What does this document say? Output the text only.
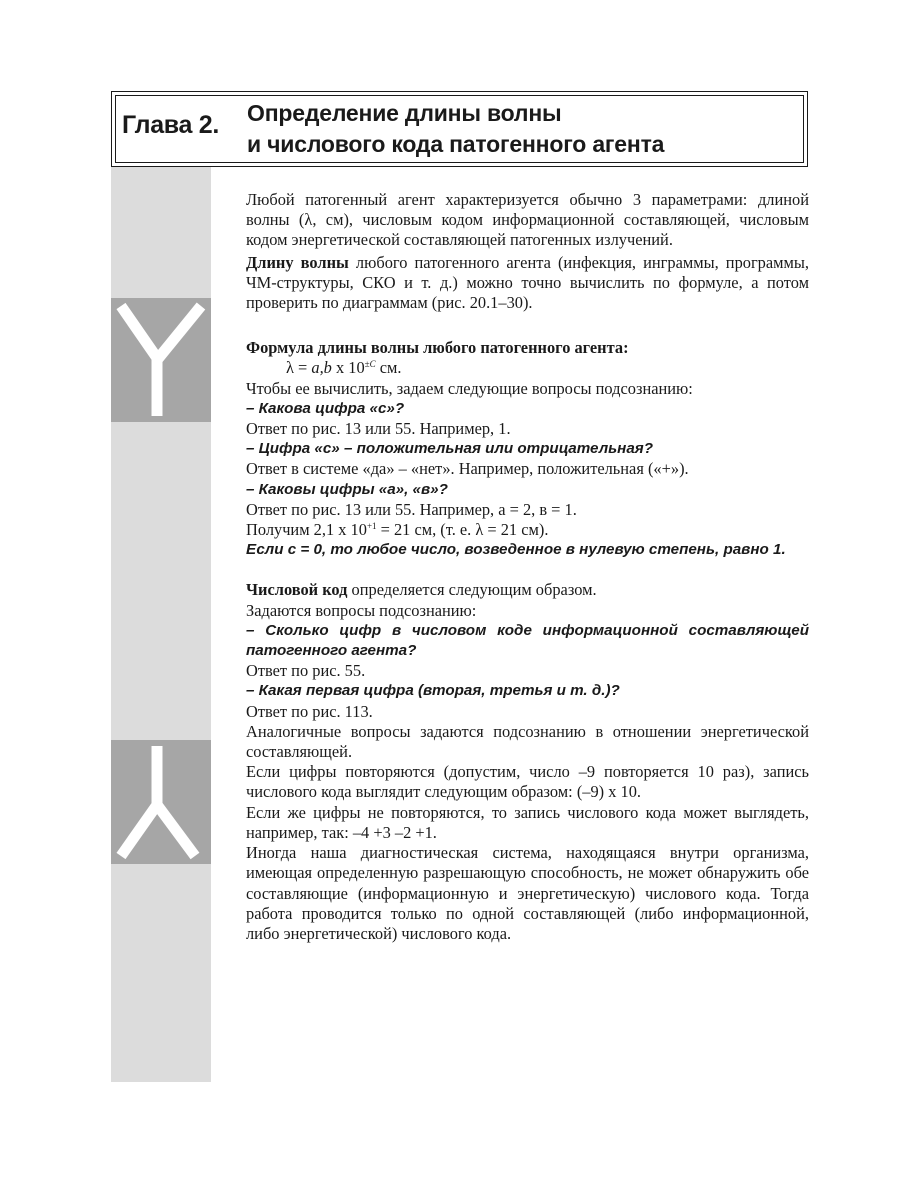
Глава 2. Определение длины волны
и числового кода патогенного агента

Любой патогенный агент характеризуется обычно 3 параметрами: длиной волны (λ, см), числовым кодом информационной составляющей, числовым кодом энергетической составляющей патогенных излучений.

Длину волны любого патогенного агента (инфекция, инграммы, программы, ЧМ-структуры, СКО и т. д.) можно точно вычислить по формуле, а потом проверить по диаграммам (рис. 20.1–30).

Формула длины волны любого патогенного агента:

λ = a,b x $10^{\pm C}$ см.

Чтобы ее вычислить, задаем следующие вопросы подсознанию:

– Какова цифра «с»?

Ответ по рис. 13 или 55. Например, 1.

– Цифра «с» – положительная или отрицательная?

Ответ в системе «да» – «нет». Например, положительная («+»).

– Каковы цифры «а», «в»?

Ответ по рис. 13 или 55. Например, а = 2, в = 1.

Получим 2,1 х $10^{+1} = 21$ см, (т. е. λ = 21 см).

Если с = 0, то любое число, возведенное в нулевую степень, равно 1.

Числовой код определяется следующим образом.

Задаются вопросы подсознанию:

– Сколько цифр в числовом коде информационной составляющей патогенного агента?

Ответ по рис. 55.

– Какая первая цифра (вторая, третья и т. д.)?

Ответ по рис. 113.

Аналогичные вопросы задаются подсознанию в отношении энергетической составляющей.

Если цифры повторяются (допустим, число –9 повторяется 10 раз), запись числового кода выглядит следующим образом: (–9) х 10.

Если же цифры не повторяются, то запись числового кода может выглядеть, например, так: –4 +3 –2 +1.

Иногда наша диагностическая система, находящаяся внутри организма, имеющая определенную разрешающую способность, не может обнаружить обе составляющие (информационную и энергетическую) числового кода. Тогда работа проводится только по одной составляющей (либо информационной, либо энергетической) числового кода.
